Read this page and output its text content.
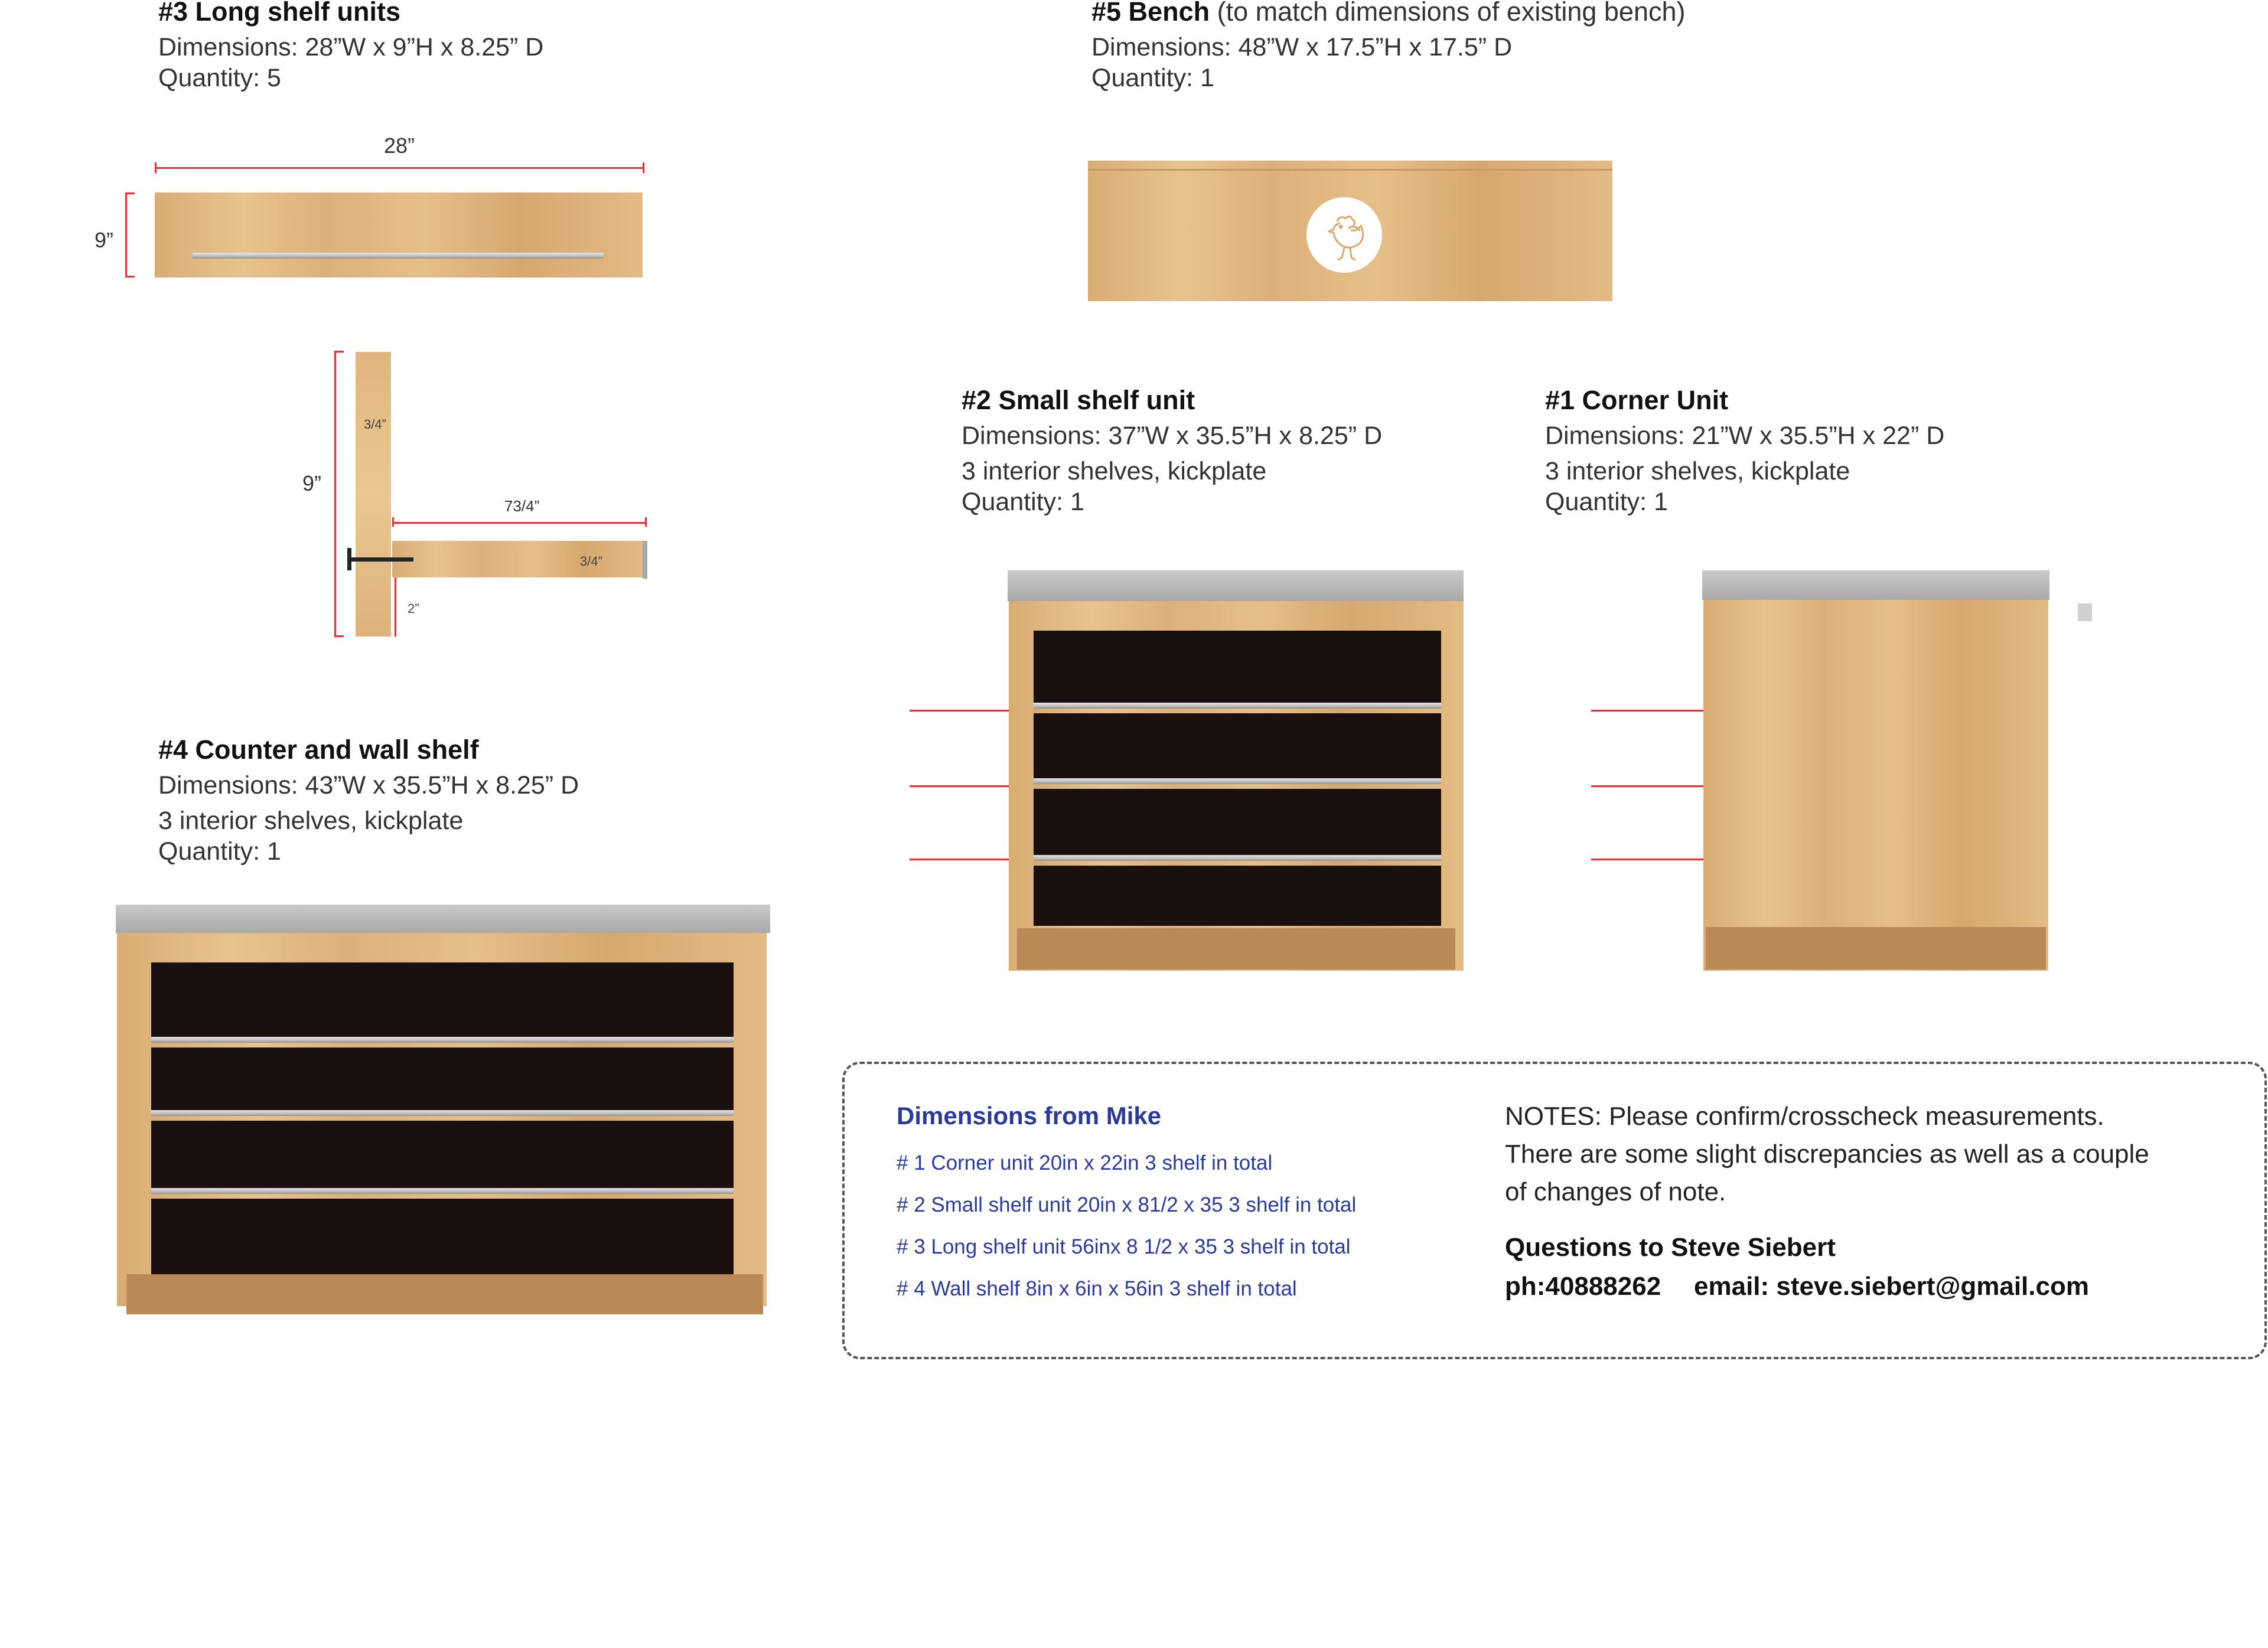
#3 Long shelf units
Dimensions: 28”W x 9”H x 8.25” D
Quantity: 5
28”
9”
9”
3/4”
73/4”
3/4”
2”
#5 Bench (to match dimensions of existing bench)
Dimensions: 48”W x 17.5”H x 17.5” D
Quantity: 1
#2 Small shelf unit
Dimensions: 37”W x 35.5”H x 8.25” D
3 interior shelves, kickplate
Quantity: 1
#1 Corner Unit
Dimensions: 21”W x 35.5”H x 22” D
3 interior shelves, kickplate
Quantity: 1
#4 Counter and wall shelf
Dimensions: 43”W x 35.5”H x 8.25” D
3 interior shelves, kickplate
Quantity: 1
Dimensions from Mike
# 1 Corner unit 20in x 22in 3 shelf in total
# 2 Small shelf unit 20in x 81/2 x 35 3 shelf in total
# 3 Long shelf unit 56inx 8 1/2 x 35 3 shelf in total
# 4 Wall shelf 8in x 6in x 56in 3 shelf in total
NOTES: Please confirm/crosscheck measurements.
There are some slight discrepancies as well as a couple
of changes of note.
Questions to Steve Siebert
ph:40888262 email: steve.siebert@gmail.com
